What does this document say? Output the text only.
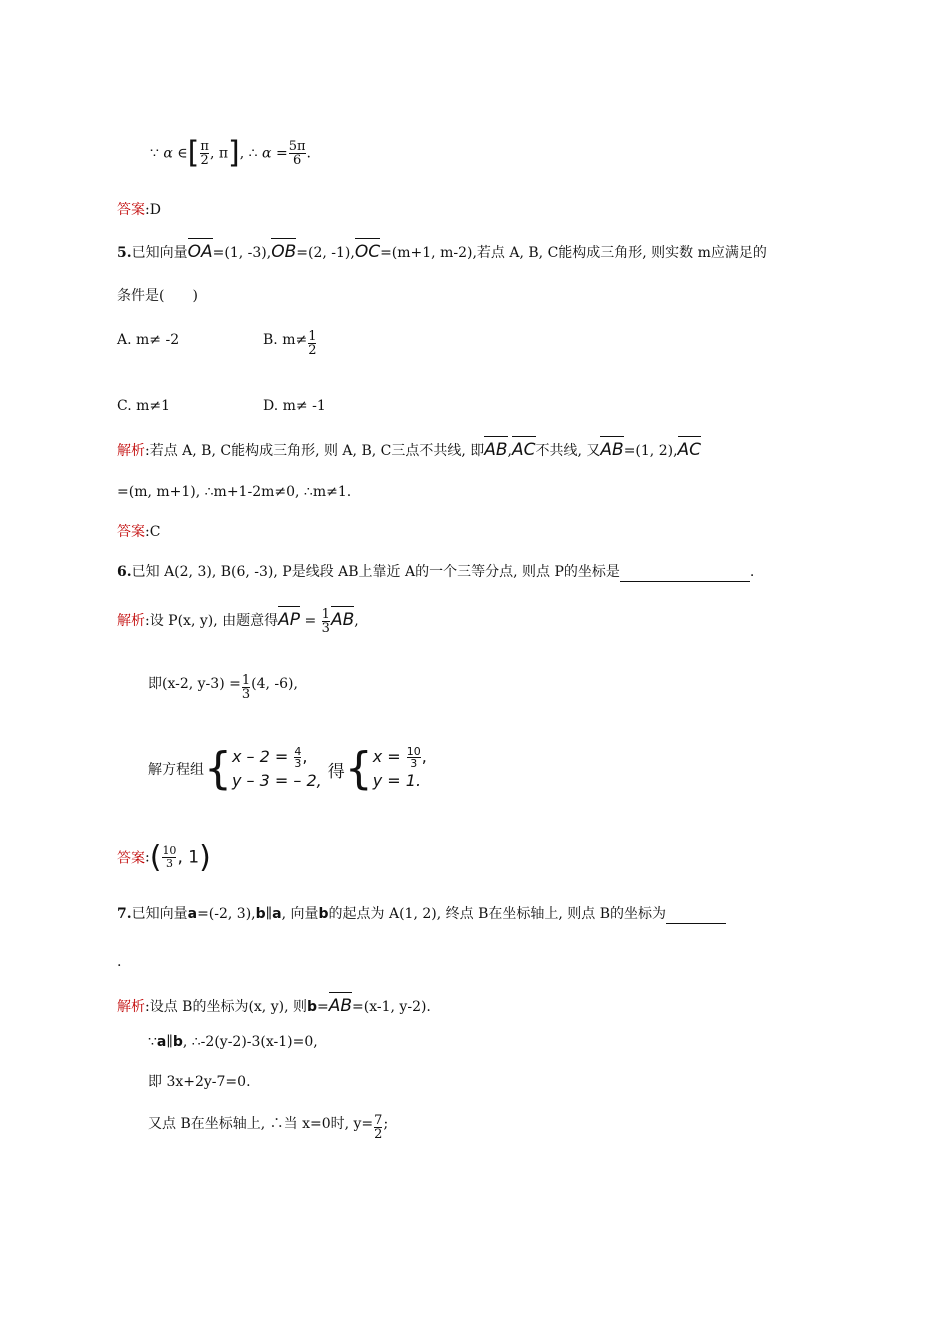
∵ α ∈[ $\frac{\pi}{2}$ , π], ∴ $\alpha = \frac{5\pi}{6}$ .
答案:D
5.已知向量
OA=(1, -3),
OB=(2, -1),
OC=(m+1, m-2),若点 A, B, C能构成三角形, 则实数 m应满足的
条件是(　　)
A. m≠ -2	B. $m\ne \frac{1}{2}$
C. m≠1	D. m≠ -1
解析:若点 A, B, C能构成三角形, 则 A, B, C三点不共线, 即
AB,
AC不共线, 又
AB=(1, 2),
AC
=(m, m+1), ∴m+1-2m≠0, ∴m≠1.
答案:C
6.已知 A(2, 3), B(6, -3), P是线段 AB上靠近 A的一个三等分点, 则点 P的坐标是	.
解析:设 P(x, y), 由题意得
AP = $\frac{1}{3}$ AB,
即(x-2, $y-3) = \frac{1}{3} (4$, -6),
解方程组{ $x - 2 = \frac{4}{3}$ ,
y – 3 = – 2, 得{ $x = \frac{10}{3}$ ,
y = 1.
答案:( $\frac{10}{3}$ , 1)
7.已知向量a=(-2, 3),b∥a, 向量b的起点为 A(1, 2), 终点 B在坐标轴上, 则点 B的坐标为
.
解析:设点 B的坐标为(x, y), 则b=
AB=(x-1, y-2).
∵a∥b, ∴-2(y-2)-3(x-1)=0,
即 3x+2y-7=0.
又点 B在坐标轴上, ∴当 x=0时, $y= \frac{7}{2}$ ;
